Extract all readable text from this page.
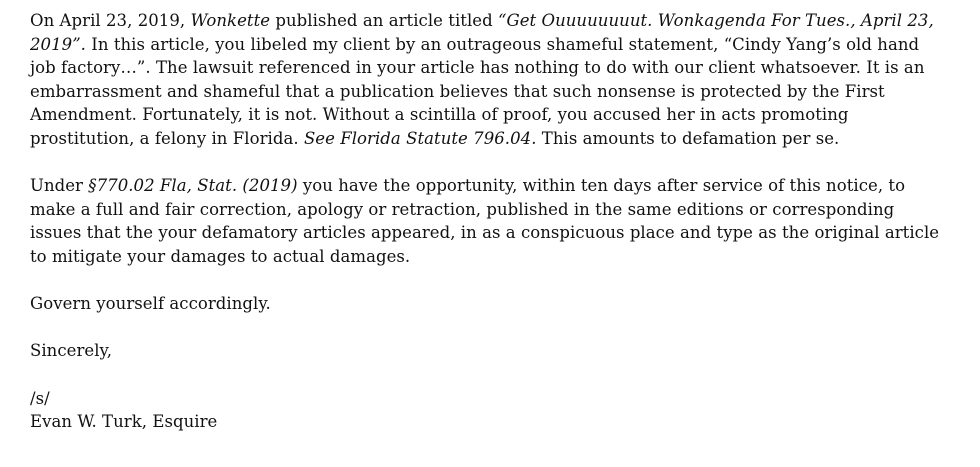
On April 23, 2019, Wonkette published an article titled “Get Ouuuuuuuut. Wonkagenda For Tues., April 23, 2019”. In this article, you libeled my client by an outrageous shameful statement, “Cindy Yang’s old hand job factory…”. The lawsuit referenced in your article has nothing to do with our client whatsoever. It is an embarrassment and shameful that a publication believes that such nonsense is protected by the First Amendment. Fortunately, it is not. Without a scintilla of proof, you accused her in acts promoting prostitution, a felony in Florida. See Florida Statute 796.04. This amounts to defamation per se.

Under §770.02 Fla, Stat. (2019) you have the opportunity, within ten days after service of this notice, to make a full and fair correction, apology or retraction, published in the same editions or corresponding issues that the your defamatory articles appeared, in as a conspicuous place and type as the original article to mitigate your damages to actual damages.

Govern yourself accordingly.

Sincerely,

/s/

Evan W. Turk, Esquire
